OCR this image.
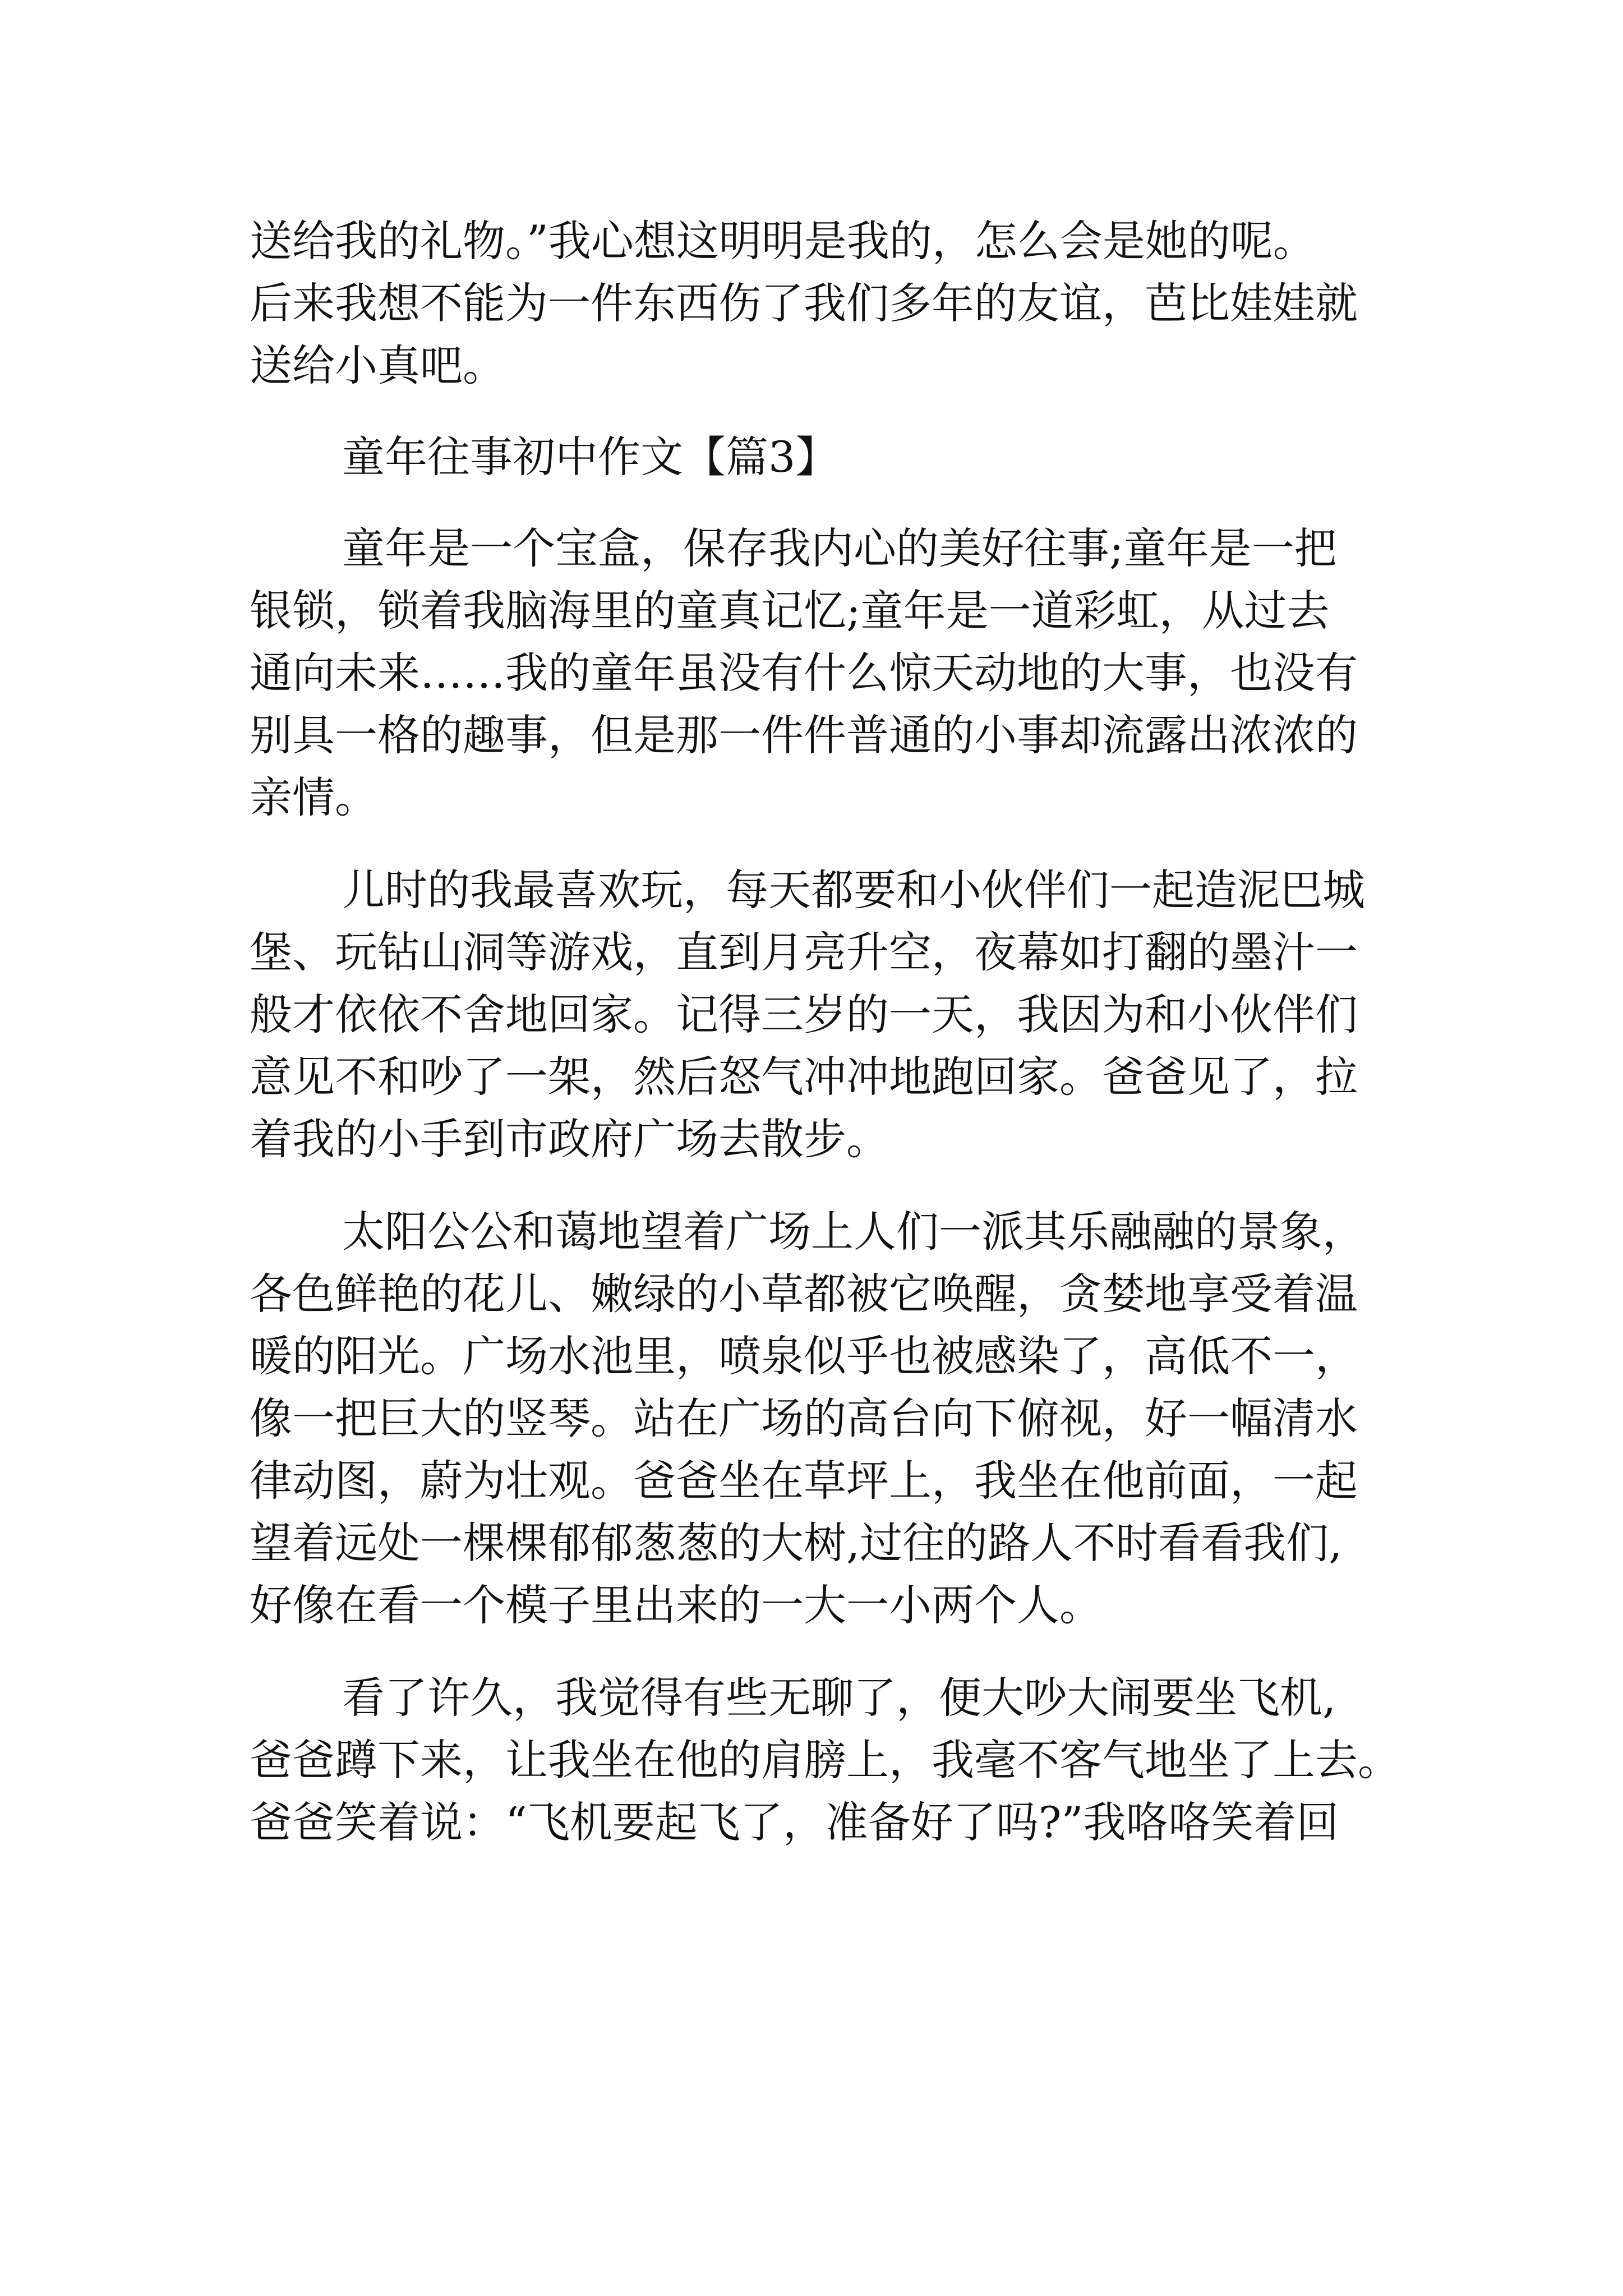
送给我的礼物。”我心想这明明是我的，怎么会是她的呢。
后来我想不能为一件东西伤了我们多年的友谊，芭比娃娃就
送给小真吧。
童年往事初中作文【篇3】
童年是一个宝盒，保存我内心的美好往事;童年是一把
银锁，锁着我脑海里的童真记忆;童年是一道彩虹，从过去
通向未来……我的童年虽没有什么惊天动地的大事，也没有
别具一格的趣事，但是那一件件普通的小事却流露出浓浓的
亲情。
儿时的我最喜欢玩，每天都要和小伙伴们一起造泥巴城
堡、玩钻山洞等游戏，直到月亮升空，夜幕如打翻的墨汁一
般才依依不舍地回家。记得三岁的一天，我因为和小伙伴们
意见不和吵了一架，然后怒气冲冲地跑回家。爸爸见了，拉
着我的小手到市政府广场去散步。
太阳公公和蔼地望着广场上人们一派其乐融融的景象，
各色鲜艳的花儿、嫩绿的小草都被它唤醒，贪婪地享受着温
暖的阳光。广场水池里，喷泉似乎也被感染了，高低不一，
像一把巨大的竖琴。站在广场的高台向下俯视，好一幅清水
律动图，蔚为壮观。爸爸坐在草坪上，我坐在他前面，一起
望着远处一棵棵郁郁葱葱的大树,过往的路人不时看看我们,
好像在看一个模子里出来的一大一小两个人。
看了许久，我觉得有些无聊了，便大吵大闹要坐飞机,
爸爸蹲下来，让我坐在他的肩膀上，我毫不客气地坐了上去。
爸爸笑着说：“飞机要起飞了，准备好了吗?”我咯咯笑着回
